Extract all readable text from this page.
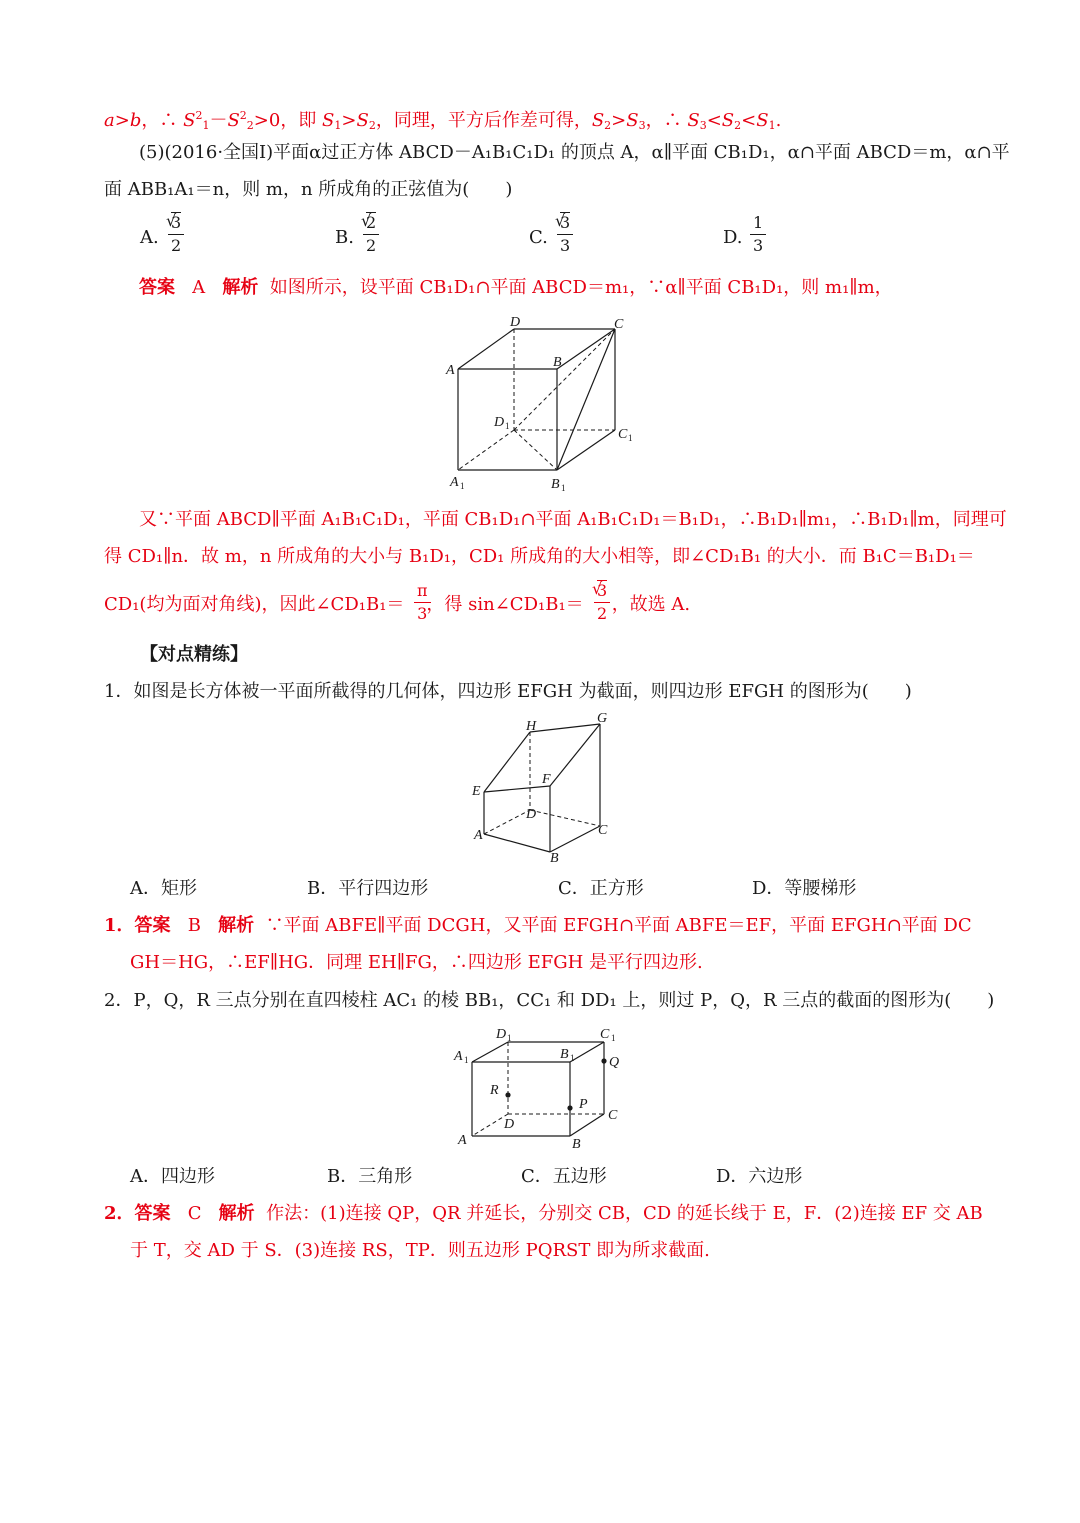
a>b，∴ $S^2_1-S^2_2>0$，即 $S_1>S_2$，同理，平方后作差可得，$S_2>S_3$，∴ $S_3<S_2<S_1$.
(5)(2016·全国Ⅰ)平面α过正方体 ABCD－A₁B₁C₁D₁ 的顶点 A，α∥平面 CB₁D₁，α∩平面 ABCD＝m，α∩平
面 ABB₁A₁＝n，则 m，n 所成角的正弦值为(　　)
A.
√ 3
2	B.
√ 2
2	C.
√ 3
3	D.
1
3
答案 A 解析 如图所示，设平面 CB₁D₁∩平面 ABCD＝m₁，∵α∥平面 CB₁D₁，则 m₁∥m，
D	C
A
B
D 1
C 1
A 1	B 1
又∵平面 ABCD∥平面 A₁B₁C₁D₁，平面 CB₁D₁∩平面 A₁B₁C₁D₁＝B₁D₁，∴B₁D₁∥m₁，∴B₁D₁∥m，同理可
得 CD₁∥n．故 m，n 所成角的大小与 B₁D₁，CD₁ 所成角的大小相等，即∠CD₁B₁ 的大小．而 B₁C＝B₁D₁＝
CD₁(均为面对角线)，因此∠CD₁B₁＝ ，得 sin∠CD₁B₁＝ ，故选 A.
π
3
√ 3
2
【对点精练】
1．如图是长方体被一平面所截得的几何体，四边形 EFGH 为截面，则四边形 EFGH 的图形为(　　)
H
G
E
F
D
A	C
B
A．矩形	B．平行四边形	C．正方形	D．等腰梯形
1．答案 B 解析 ∵平面 ABFE∥平面 DCGH，又平面 EFGH∩平面 ABFE＝EF，平面 EFGH∩平面 DC
GH＝HG，∴EF∥HG．同理 EH∥FG，∴四边形 EFGH 是平行四边形.
2．P，Q，R 三点分别在直四棱柱 AC₁ 的棱 BB₁，CC₁ 和 DD₁ 上，则过 P，Q，R 三点的截面的图形为(　　)
D 1	C 1
A 1	B 1 Q
R
P
C
D
A	B
A．四边形	B．三角形	C．五边形	D．六边形
2．答案 C 解析 作法：(1)连接 QP，QR 并延长，分别交 CB，CD 的延长线于 E，F．(2)连接 EF 交 AB
于 T，交 AD 于 S．(3)连接 RS，TP．则五边形 PQRST 即为所求截面.
